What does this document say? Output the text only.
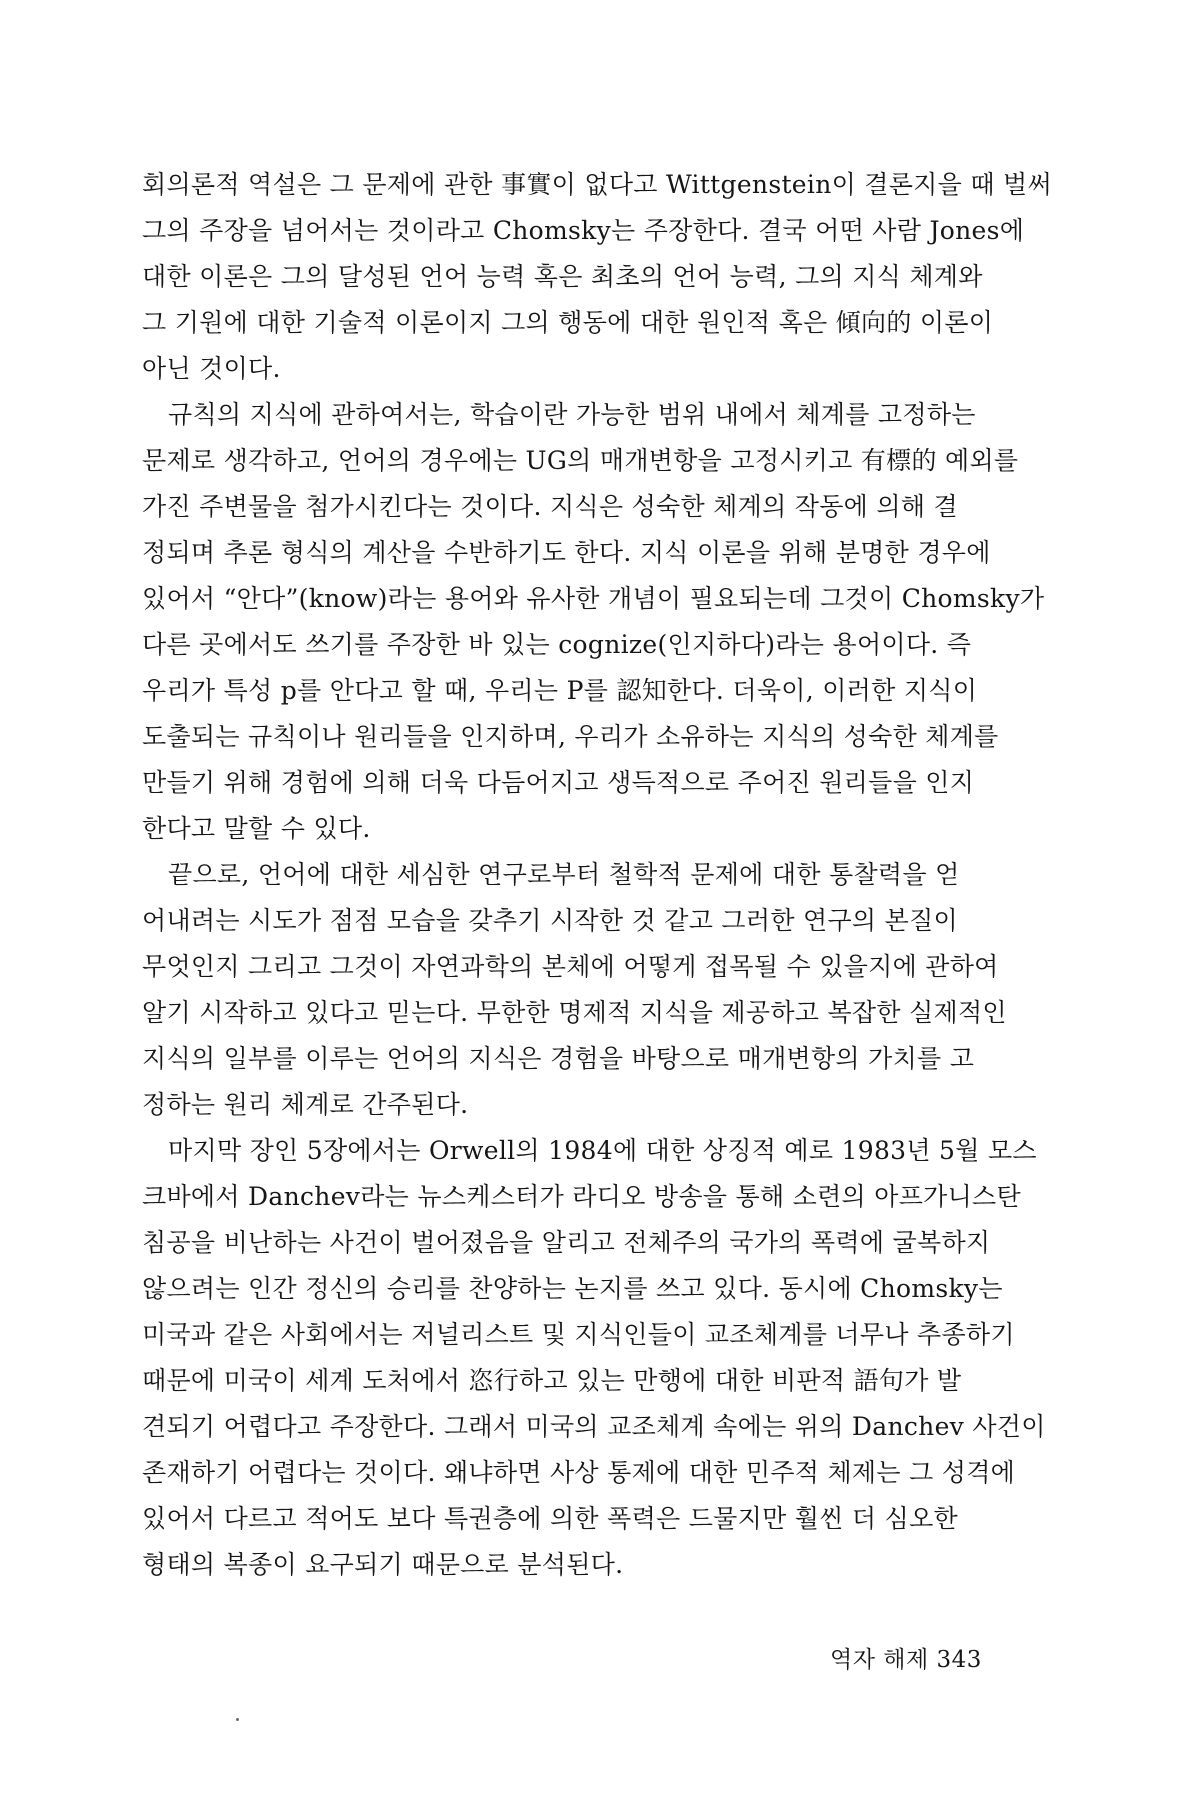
회의론적 역설은 그 문제에 관한 事實이 없다고 Wittgenstein이 결론지을 때 벌써
그의 주장을 넘어서는 것이라고 Chomsky는 주장한다. 결국 어떤 사람 Jones에
대한 이론은 그의 달성된 언어 능력 혹은 최초의 언어 능력, 그의 지식 체계와
그 기원에 대한 기술적 이론이지 그의 행동에 대한 원인적 혹은 傾向的 이론이
아닌 것이다.
규칙의 지식에 관하여서는, 학습이란 가능한 범위 내에서 체계를 고정하는
문제로 생각하고, 언어의 경우에는 UG의 매개변항을 고정시키고 有標的 예외를
가진 주변물을 첨가시킨다는 것이다. 지식은 성숙한 체계의 작동에 의해 결
정되며 추론 형식의 계산을 수반하기도 한다. 지식 이론을 위해 분명한 경우에
있어서 “안다”(know)라는 용어와 유사한 개념이 필요되는데 그것이 Chomsky가
다른 곳에서도 쓰기를 주장한 바 있는 cognize(인지하다)라는 용어이다. 즉
우리가 특성 p를 안다고 할 때, 우리는 P를 認知한다. 더욱이, 이러한 지식이
도출되는 규칙이나 원리들을 인지하며, 우리가 소유하는 지식의 성숙한 체계를
만들기 위해 경험에 의해 더욱 다듬어지고 생득적으로 주어진 원리들을 인지
한다고 말할 수 있다.
끝으로, 언어에 대한 세심한 연구로부터 철학적 문제에 대한 통찰력을 얻
어내려는 시도가 점점 모습을 갖추기 시작한 것 같고 그러한 연구의 본질이
무엇인지 그리고 그것이 자연과학의 본체에 어떻게 접목될 수 있을지에 관하여
알기 시작하고 있다고 믿는다. 무한한 명제적 지식을 제공하고 복잡한 실제적인
지식의 일부를 이루는 언어의 지식은 경험을 바탕으로 매개변항의 가치를 고
정하는 원리 체계로 간주된다.
마지막 장인 5장에서는 Orwell의 1984에 대한 상징적 예로 1983년 5월 모스
크바에서 Danchev라는 뉴스케스터가 라디오 방송을 통해 소련의 아프가니스탄
침공을 비난하는 사건이 벌어졌음을 알리고 전체주의 국가의 폭력에 굴복하지
않으려는 인간 정신의 승리를 찬양하는 논지를 쓰고 있다. 동시에 Chomsky는
미국과 같은 사회에서는 저널리스트 및 지식인들이 교조체계를 너무나 추종하기
때문에 미국이 세계 도처에서 恣行하고 있는 만행에 대한 비판적 語句가 발
견되기 어렵다고 주장한다. 그래서 미국의 교조체계 속에는 위의 Danchev 사건이
존재하기 어렵다는 것이다. 왜냐하면 사상 통제에 대한 민주적 체제는 그 성격에
있어서 다르고 적어도 보다 특권층에 의한 폭력은 드물지만 훨씬 더 심오한
형태의 복종이 요구되기 때문으로 분석된다.
역자 해제 343
